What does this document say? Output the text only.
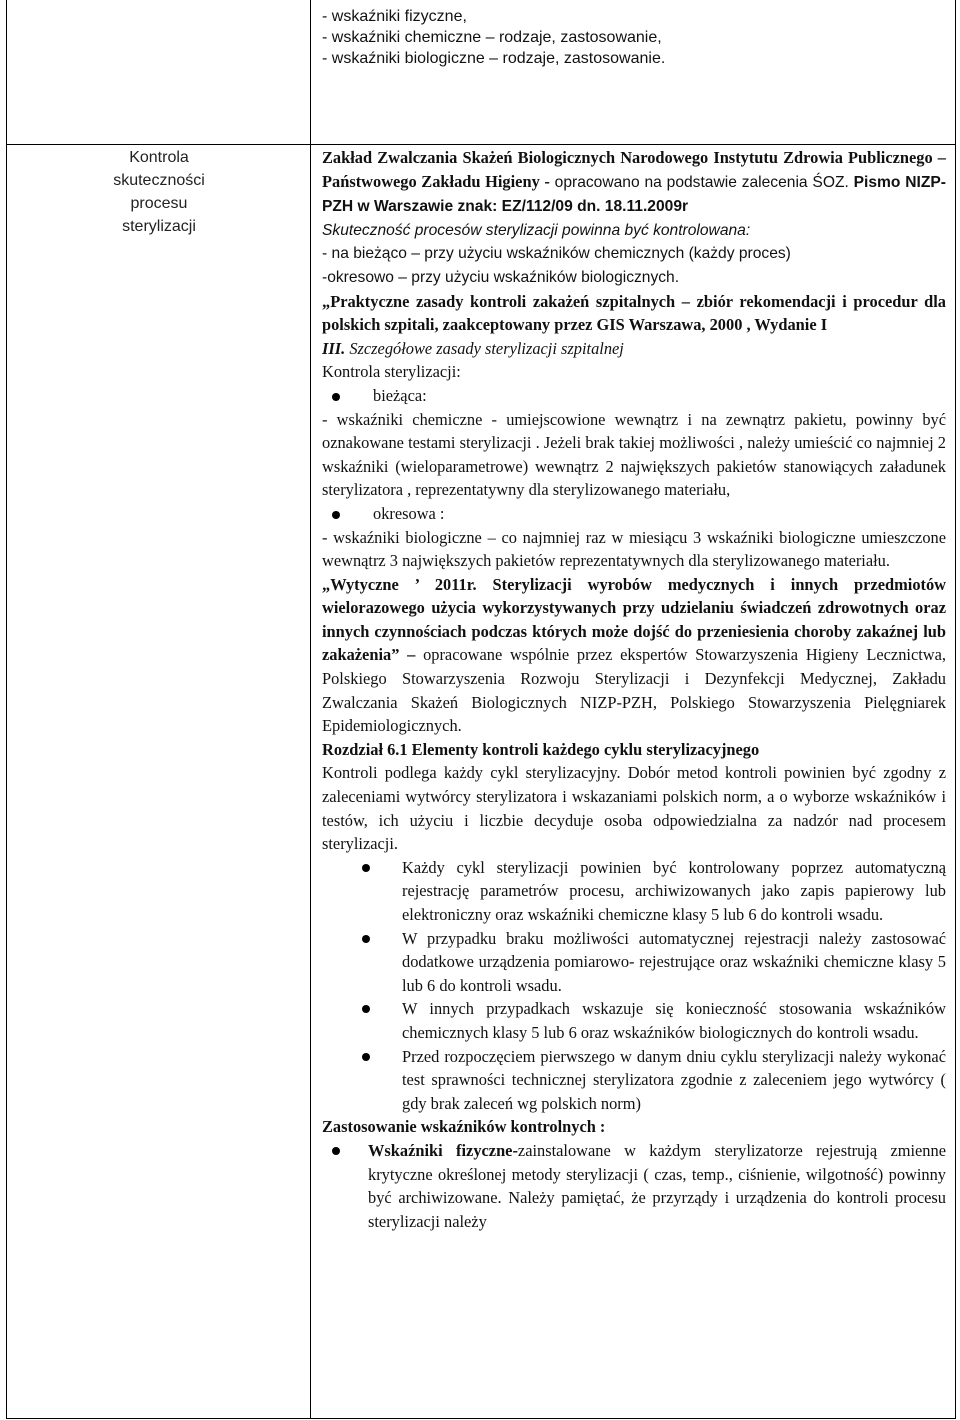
- wskaźniki fizyczne,
- wskaźniki chemiczne – rodzaje, zastosowanie,
- wskaźniki biologiczne – rodzaje, zastosowanie.
Kontrola
skuteczności
procesu
sterylizacji

Zakład Zwalczania Skażeń Biologicznych Narodowego Instytutu Zdrowia Publicznego – Państwowego Zakładu Higieny - opracowano na podstawie zalecenia ŚOZ. Pismo NIZP-PZH w Warszawie znak: EZ/112/09 dn. 18.11.2009r

Skuteczność procesów sterylizacji powinna być kontrolowana:

- na bieżąco – przy użyciu wskaźników chemicznych (każdy proces)

-okresowo – przy użyciu wskaźników biologicznych.

„Praktyczne zasady kontroli zakażeń szpitalnych – zbiór rekomendacji i procedur dla polskich szpitali, zaakceptowany przez GIS Warszawa, 2000 , Wydanie I

III. Szczegółowe zasady sterylizacji szpitalnej

Kontrola sterylizacji:

bieżąca:

- wskaźniki chemiczne - umiejscowione wewnątrz i na zewnątrz pakietu, powinny być oznakowane testami sterylizacji . Jeżeli brak takiej możliwości , należy umieścić co najmniej 2 wskaźniki (wieloparametrowe) wewnątrz 2 największych pakietów stanowiących załadunek sterylizatora , reprezentatywny dla sterylizowanego materiału,

okresowa :

- wskaźniki biologiczne – co najmniej raz w miesiącu 3 wskaźniki biologiczne umieszczone wewnątrz 3 największych pakietów reprezentatywnych dla sterylizowanego materiału.

„Wytyczne ’ 2011r. Sterylizacji wyrobów medycznych i innych przedmiotów wielorazowego użycia wykorzystywanych przy udzielaniu świadczeń zdrowotnych oraz innych czynnościach podczas których może dojść do przeniesienia choroby zakaźnej lub zakażenia” – opracowane wspólnie przez ekspertów Stowarzyszenia Higieny Lecznictwa, Polskiego Stowarzyszenia Rozwoju Sterylizacji i Dezynfekcji Medycznej, Zakładu Zwalczania Skażeń Biologicznych NIZP-PZH, Polskiego Stowarzyszenia Pielęgniarek Epidemiologicznych.

Rozdział 6.1 Elementy kontroli każdego cyklu sterylizacyjnego

Kontroli podlega każdy cykl sterylizacyjny. Dobór metod kontroli powinien być zgodny z zaleceniami wytwórcy sterylizatora i wskazaniami polskich norm, a o wyborze wskaźników i testów, ich użyciu i liczbie decyduje osoba odpowiedzialna za nadzór nad procesem sterylizacji.

Każdy cykl sterylizacji powinien być kontrolowany poprzez automatyczną rejestrację parametrów procesu, archiwizowanych jako zapis papierowy lub elektroniczny oraz wskaźniki chemiczne klasy 5 lub 6 do kontroli wsadu.
W przypadku braku możliwości automatycznej rejestracji należy zastosować dodatkowe urządzenia pomiarowo- rejestrujące oraz wskaźniki chemiczne klasy 5 lub 6 do kontroli wsadu.
W innych przypadkach wskazuje się konieczność stosowania wskaźników chemicznych klasy 5 lub 6 oraz wskaźników biologicznych do kontroli wsadu.
Przed rozpoczęciem pierwszego w danym dniu cyklu sterylizacji należy wykonać test sprawności technicznej sterylizatora zgodnie z zaleceniem jego wytwórcy ( gdy brak zaleceń wg polskich norm)

Zastosowanie wskaźników kontrolnych :

Wskaźniki fizyczne-zainstalowane w każdym sterylizatorze rejestrują zmienne krytyczne określonej metody sterylizacji ( czas, temp., ciśnienie, wilgotność) powinny być archiwizowane. Należy pamiętać, że przyrządy i urządzenia do kontroli procesu sterylizacji należy
